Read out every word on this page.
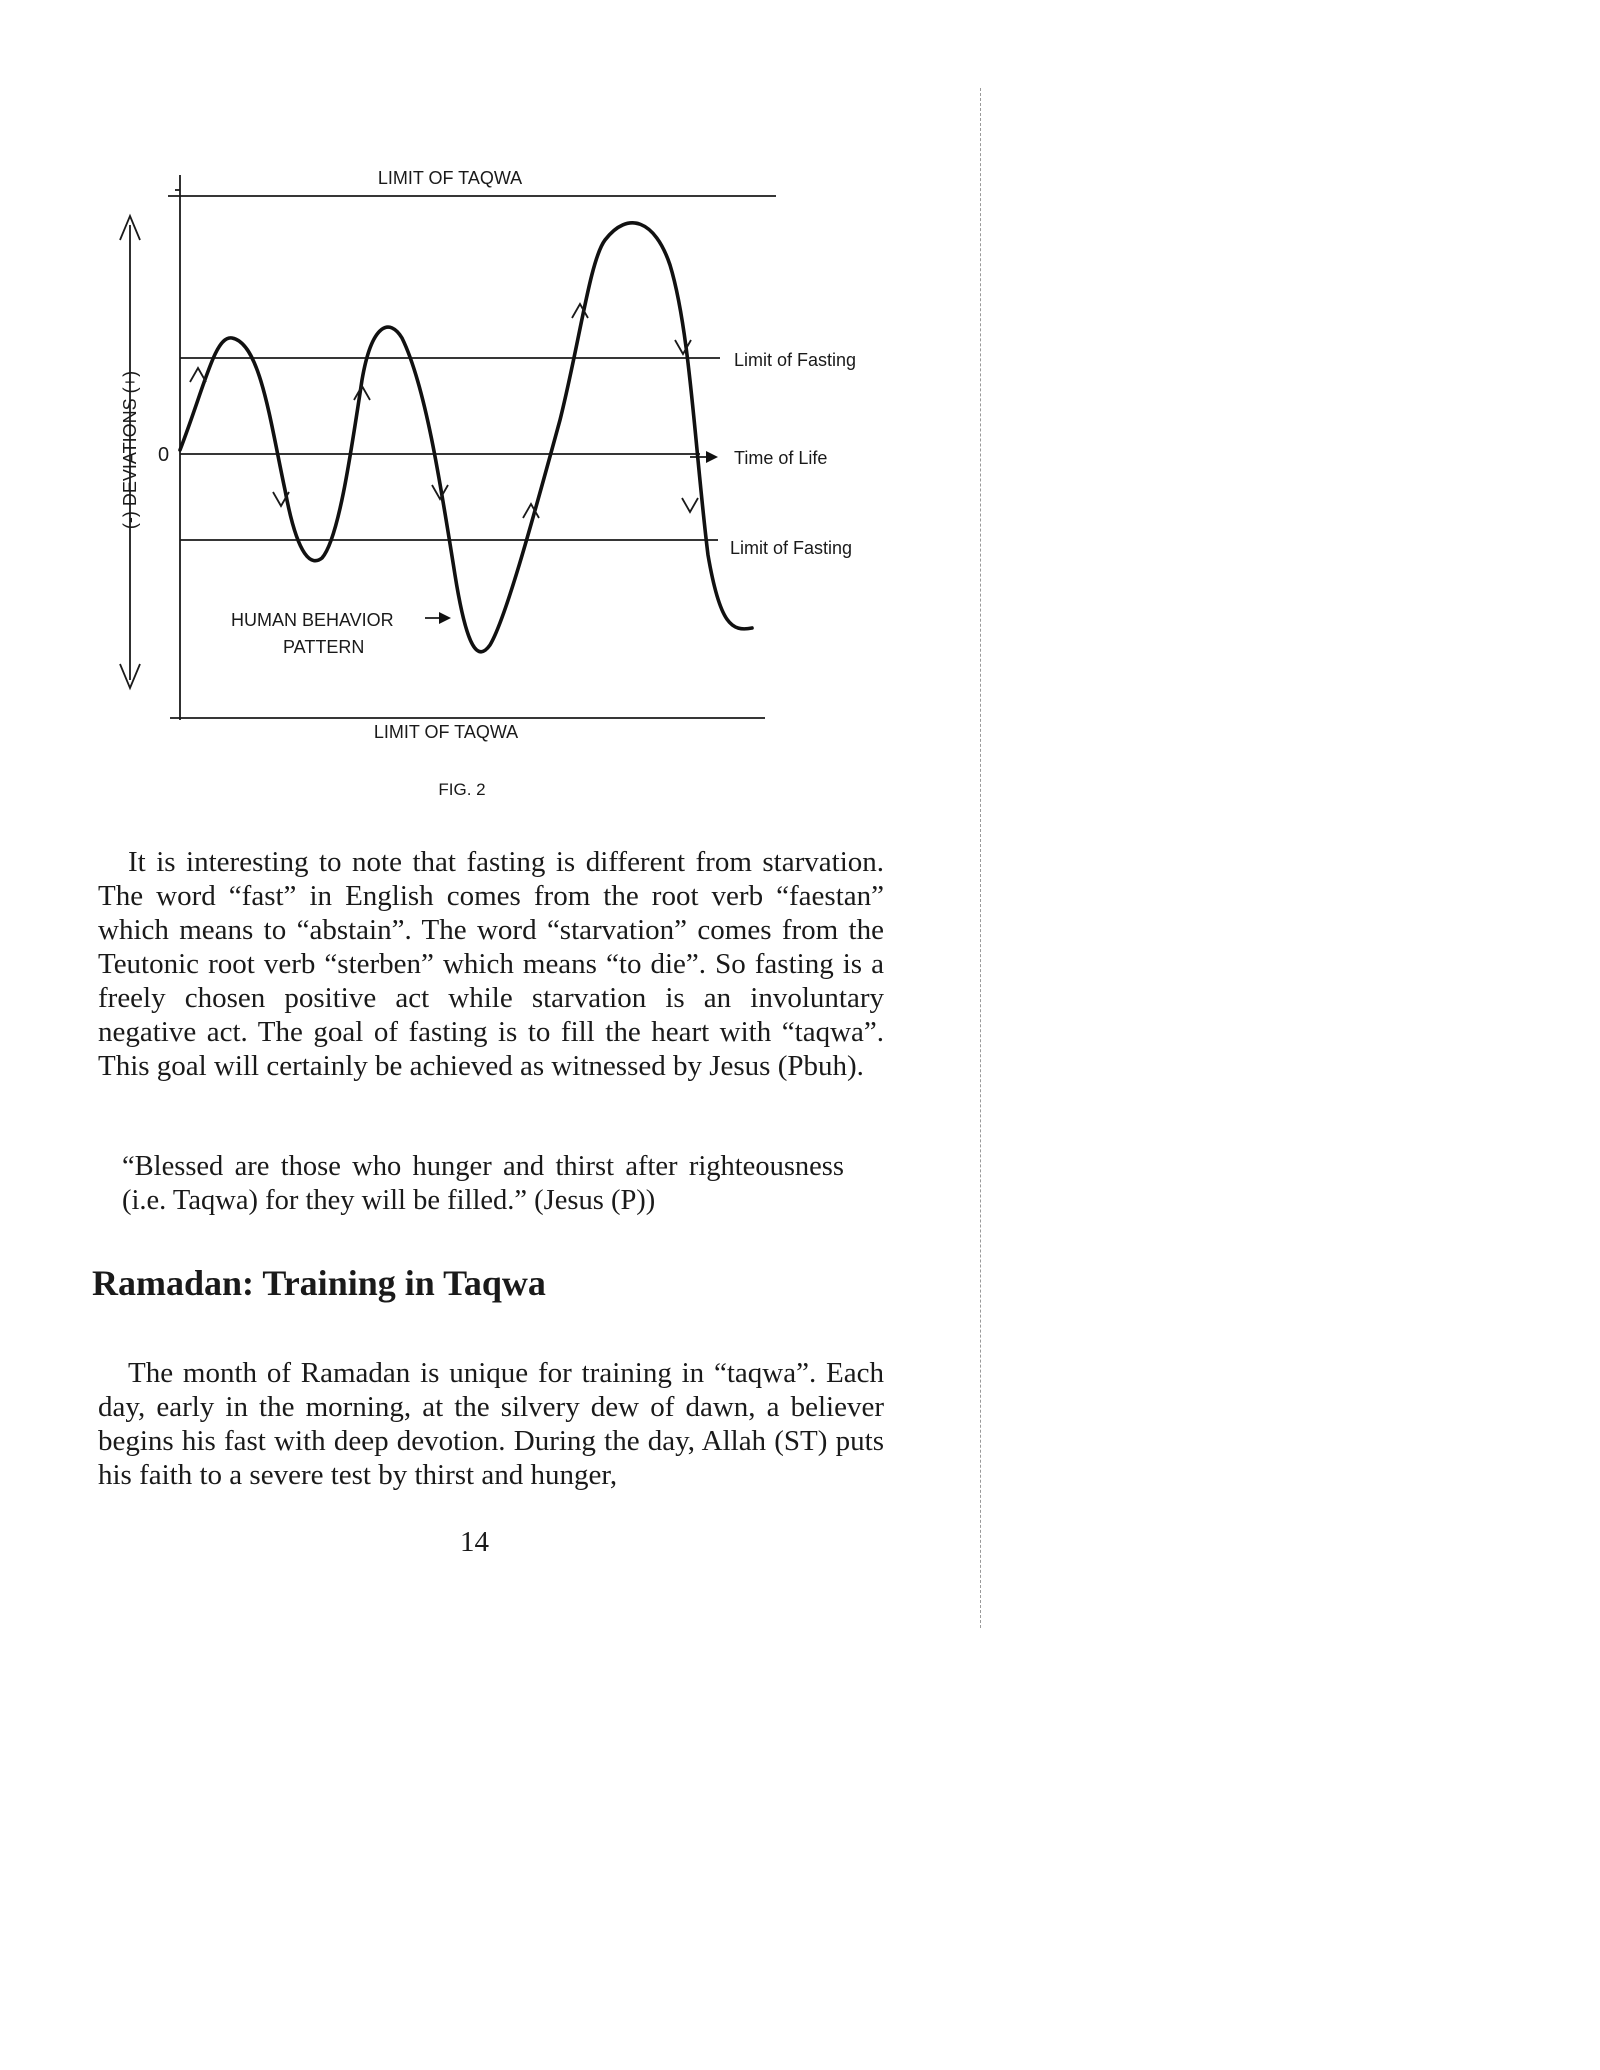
LIMIT OF TAQWA
LIMIT OF TAQWA
Limit of Fasting
Time of Life
Limit of Fasting
0
(-) DEVIATIONS (+)
HUMAN BEHAVIOR
PATTERN
FIG. 2

It is interesting to note that fasting is different from starvation. The word “fast” in English comes from the root verb “faestan” which means to “abstain”. The word “starvation” comes from the Teutonic root verb “sterben” which means “to die”. So fasting is a freely chosen positive act while starvation is an involuntary negative act. The goal of fasting is to fill the heart with “taqwa”. This goal will certainly be achieved as witnessed by Jesus (Pbuh).

“Blessed are those who hunger and thirst after righteousness (i.e. Taqwa) for they will be filled.” (Jesus (P))

Ramadan: Training in Taqwa

The month of Ramadan is unique for training in “taqwa”. Each day, early in the morning, at the silvery dew of dawn, a believer begins his fast with deep devotion. During the day, Allah (ST) puts his faith to a severe test by thirst and hunger,

14
